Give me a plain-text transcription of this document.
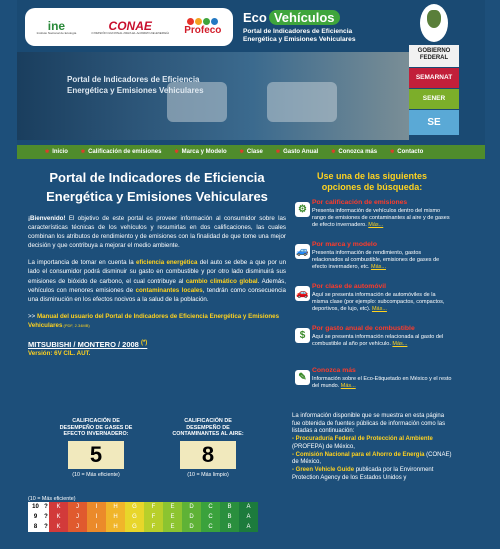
Portal de Indicadores de Eficiencia
Energética y Emisiones Vehiculares
ine
Instituto Nacional de Ecología	CONAE
COMISIÓN NACIONAL PARA EL AHORRO DE ENERGÍA Profeco
Eco Vehículos
Portal de Indicadores de Eficiencia
Energética y Emisiones Vehiculares
GOBIERNO FEDERAL
SEMARNAT
SENER
SE
✱ Inicio	✱ Calificación de emisiones	✱ Marca y Modelo	✱ Clase	✱ Gasto Anual	✱ Conozca más	✱ Contacto
Portal de Indicadores de Eficiencia
Energética y Emisiones Vehiculares

¡Bienvenido! El objetivo de este portal es proveer información al consumidor sobre las características técnicas de los vehículos y resumirlas en dos calificaciones, las cuales combinan los atributos de rendimiento y de emisiones con la finalidad de que tome una mejor decisión y que contribuya a mejorar el medio ambiente.

La importancia de tomar en cuenta la eficiencia energética del auto se debe a que por un lado el consumidor podrá disminuir su gasto en combustible y por otro lado disminuirá sus emisiones de bióxido de carbono, el cual contribuye al cambio climático global. Además, vehículos con menores emisiones de contaminantes locales, tendrán como consecuencia una disminución en los efectos nocivos a la salud de la población.

>> Manual del usuario del Portal de Indicadores de Eficiencia Energética y Emisiones Vehiculares (PDF, 2.34MB)

MITSUBISHI / MONTERO / 2008 (*)
Versión: 6V CIL. AUT.
CALIFICACIÓN DE DESEMPEÑO DE GASES DE EFECTO INVERNADERO:
5

(10 = Más eficiente)

CALIFICACIÓN DE DESEMPEÑO DE CONTAMINANTES AL AIRE:
8

(10 = Más limpio)

(10 = Más eficiente)
10 ?	K	J	I	H	G	F	E	D	C	B	A
9	?	K	J	I	H	G	F	E	D	C	B	A
8	?	K	J	I	H	G	F	E	D	C	B	A
Use una de las siguientes
opciones de búsqueda:
⚙
Por calificación de emisiones

Presenta información de vehículos dentro del mismo rango de emisiones de contaminantes al aire y de gases de efecto invernadero. Más...

🚙
Por marca y modelo

Presenta información de rendimiento, gastos relacionados al combustible, emisiones de gases de efecto invernadero, etc. Más...

🚗
Por clase de automóvil

Aquí se presenta información de automóviles de la misma clase (por ejemplo: subcompactos, compactos, deportivos, de lujo, etc). Más...

$
Por gasto anual de combustible

Aquí se presenta información relacionada al gasto del combustible al año por vehículo. Más...

✎
Conozca más

Información sobre el Eco-Etiquetado en México y el resto del mundo. Más...

La información disponible que se muestra en esta página fue obtenida de fuentes públicas de información como las listadas a continuación:

- Procuraduría Federal de Protección al Ambiente (PROFEPA) de México,
- Comisión Nacional para el Ahorro de Energía (CONAE) de México,
- Green Vehicle Guide publicada por la Environment Protection Agency de los Estados Unidos y
